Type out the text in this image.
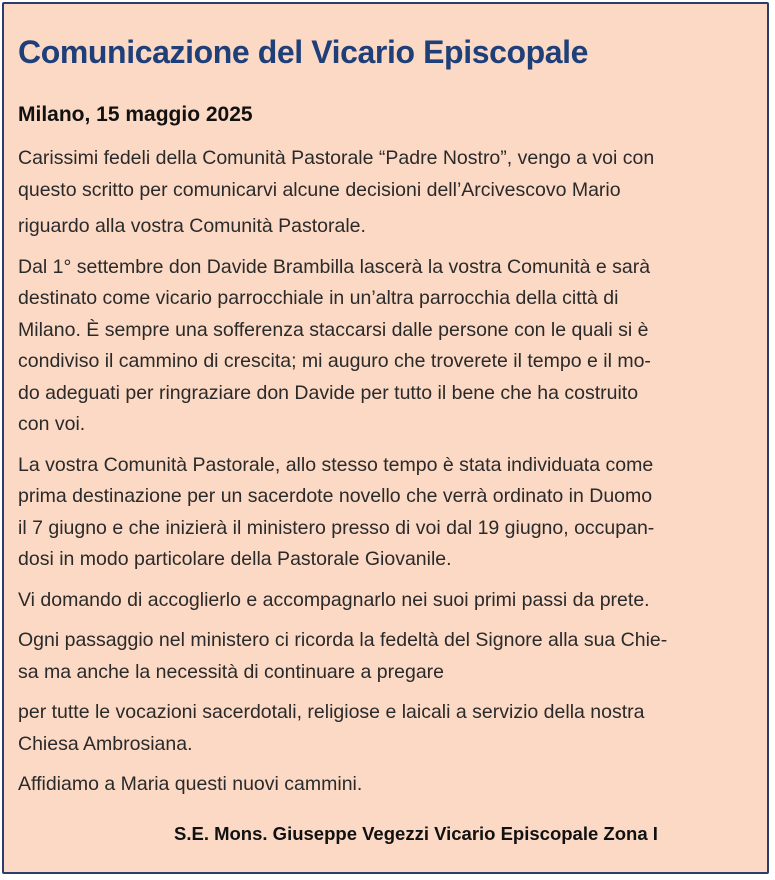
Comunicazione del Vicario Episcopale
Milano, 15 maggio 2025
Carissimi fedeli della Comunità Pastorale “Padre Nostro”, vengo a voi con
questo scritto per comunicarvi alcune decisioni dell’Arcivescovo Mario
riguardo alla vostra Comunità Pastorale.
Dal 1° settembre don Davide Brambilla lascerà la vostra Comunità e sarà
destinato come vicario parrocchiale in un’altra parrocchia della città di
Milano. È sempre una sofferenza staccarsi dalle persone con le quali si è
condiviso il cammino di crescita; mi auguro che troverete il tempo e il mo-
do adeguati per ringraziare don Davide per tutto il bene che ha costruito
con voi.
La vostra Comunità Pastorale, allo stesso tempo è stata individuata come
prima destinazione per un sacerdote novello che verrà ordinato in Duomo
il 7 giugno e che inizierà il ministero presso di voi dal 19 giugno, occupan-
dosi in modo particolare della Pastorale Giovanile.
Vi domando di accoglierlo e accompagnarlo nei suoi primi passi da prete.
Ogni passaggio nel ministero ci ricorda la fedeltà del Signore alla sua Chie-
sa ma anche la necessità di continuare a pregare
per tutte le vocazioni sacerdotali, religiose e laicali a servizio della nostra
Chiesa Ambrosiana.
Affidiamo a Maria questi nuovi cammini.
S.E. Mons. Giuseppe Vegezzi Vicario Episcopale Zona I
